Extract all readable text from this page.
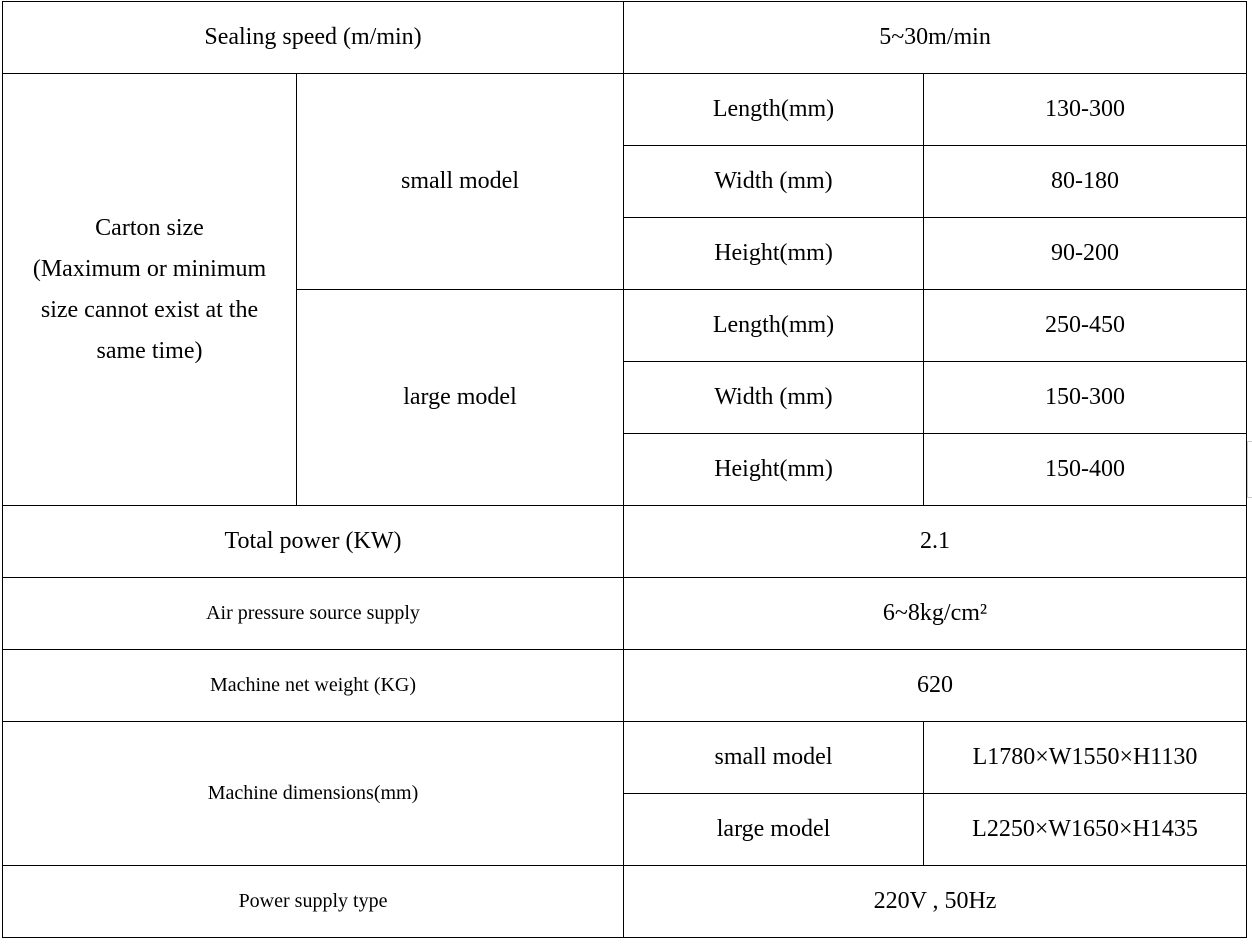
Sealing speed (m/min)		5~30m/min	
Carton size
(Maximum or minimum
size cannot exist at the
same time)	small model	Length(mm)	130-300
		Width (mm)	80-180
		Height(mm)	90-200
	large model	Length(mm)	250-450
		Width (mm)	150-300
		Height(mm)	150-400
Total power (KW)		2.1	
Air pressure source supply		6~8kg/cm²	
Machine net weight (KG)		620	
Machine dimensions(mm)		small model	L1780×W1550×H1130
		large model	L2250×W1650×H1435
Power supply type		220V , 50Hz	
